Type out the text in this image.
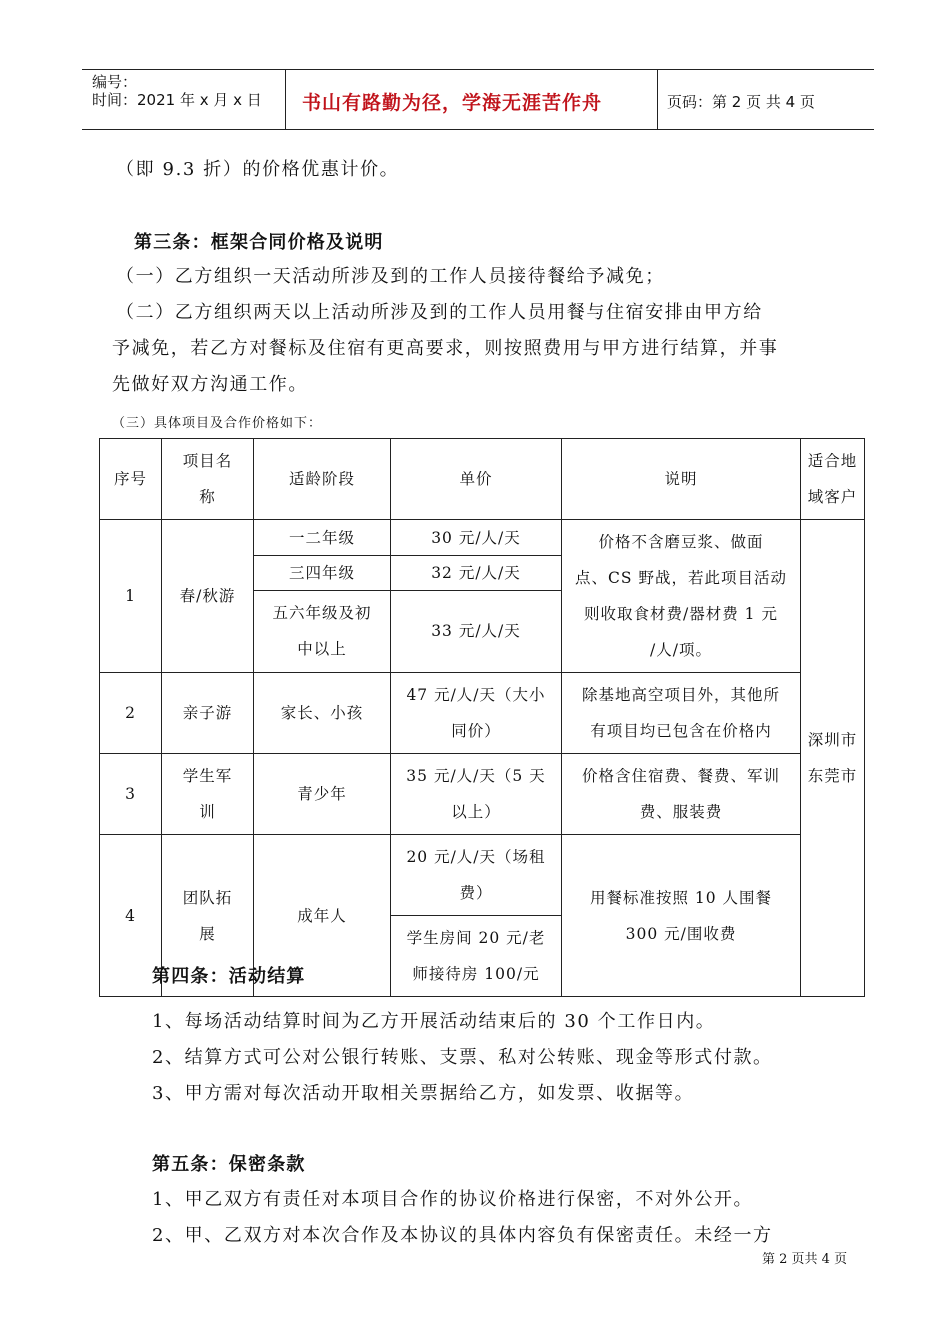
编号：
时间：2021 年 x 月 x 日 书山有路勤为径，学海无涯苦作舟	页码：第 2 页 共 4 页
（即 9.3 折）的价格优惠计价。
第三条：框架合同价格及说明
（一）乙方组织一天活动所涉及到的工作人员接待餐给予减免；
（二）乙方组织两天以上活动所涉及到的工作人员用餐与住宿安排由甲方给
予减免，若乙方对餐标及住宿有更高要求，则按照费用与甲方进行结算，并事
先做好双方沟通工作。
（三）具体项目及合作价格如下：
序号	项目名
称	适龄阶段	单价	说明	适合地
域客户
1	春/秋游	一二年级	30 元/人/天	价格不含磨豆浆、做面
点、CS 野战，若此项目活动
则收取食材费/器材费 1 元
/人/项。	深圳市
东莞市
		三四年级	32 元/人/天		
		五六年级及初
中以上	33 元/人/天		
2	亲子游	家长、小孩	47 元/人/天（大小
同价）	除基地高空项目外，其他所
有项目均已包含在价格内	
3	学生军
训	青少年	35 元/人/天（5 天
以上）	价格含住宿费、餐费、军训
费、服装费	
4	团队拓
展	成年人	20 元/人/天（场租
费）	用餐标准按照 10 人围餐
300 元/围收费	
			学生房间 20 元/老
师接待房 100/元		
第四条：活动结算
1、每场活动结算时间为乙方开展活动结束后的 30 个工作日内。
2、结算方式可公对公银行转账、支票、私对公转账、现金等形式付款。
3、甲方需对每次活动开取相关票据给乙方，如发票、收据等。
第五条：保密条款
1、甲乙双方有责任对本项目合作的协议价格进行保密，不对外公开。
2、甲、乙双方对本次合作及本协议的具体内容负有保密责任。未经一方
第 2 页共 4 页
